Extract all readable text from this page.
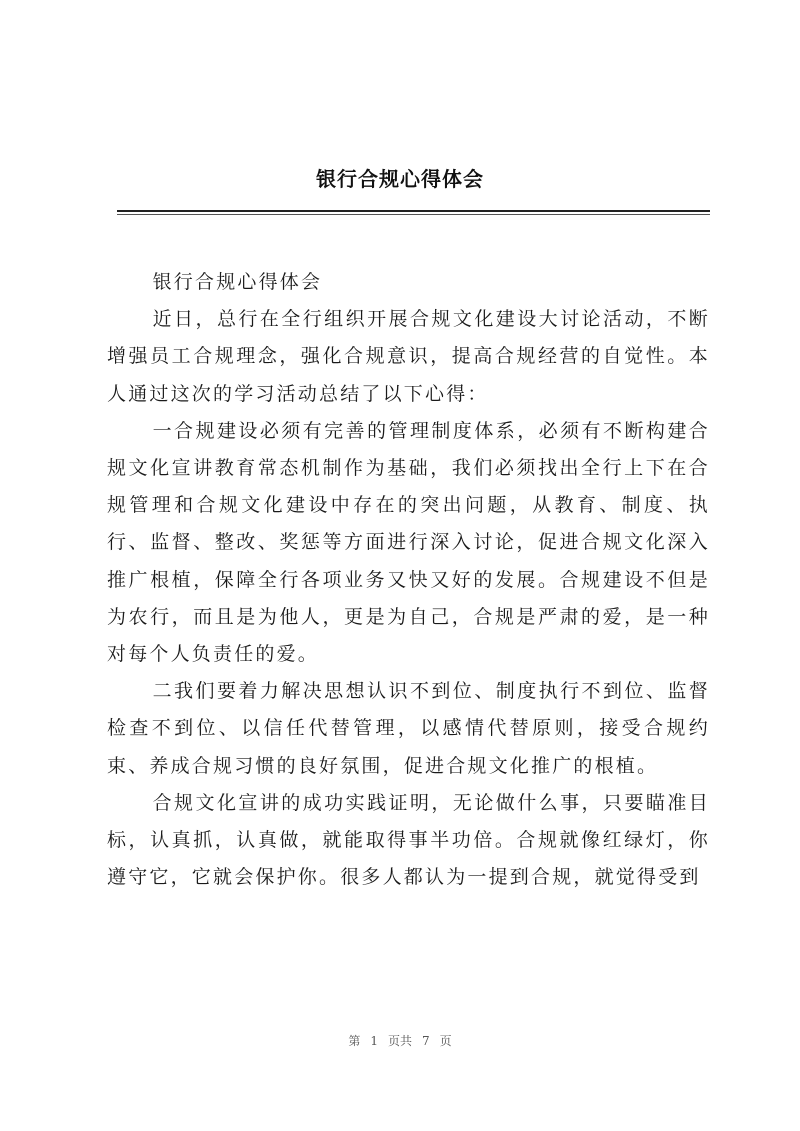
银行合规心得体会

银行合规心得体会

近日，总行在全行组织开展合规文化建设大讨论活动，不断增强员工合规理念，强化合规意识，提高合规经营的自觉性。本人通过这次的学习活动总结了以下心得：

一合规建设必须有完善的管理制度体系，必须有不断构建合规文化宣讲教育常态机制作为基础，我们必须找出全行上下在合规管理和合规文化建设中存在的突出问题，从教育、制度、执行、监督、整改、奖惩等方面进行深入讨论，促进合规文化深入推广根植，保障全行各项业务又快又好的发展。合规建设不但是为农行，而且是为他人，更是为自己，合规是严肃的爱，是一种对每个人负责任的爱。

二我们要着力解决思想认识不到位、制度执行不到位、监督检查不到位、以信任代替管理，以感情代替原则，接受合规约束、养成合规习惯的良好氛围，促进合规文化推广的根植。

合规文化宣讲的成功实践证明，无论做什么事，只要瞄准目标，认真抓，认真做，就能取得事半功倍。合规就像红绿灯，你遵守它，它就会保护你。很多人都认为一提到合规，就觉得受到

第 1 页共 7 页
